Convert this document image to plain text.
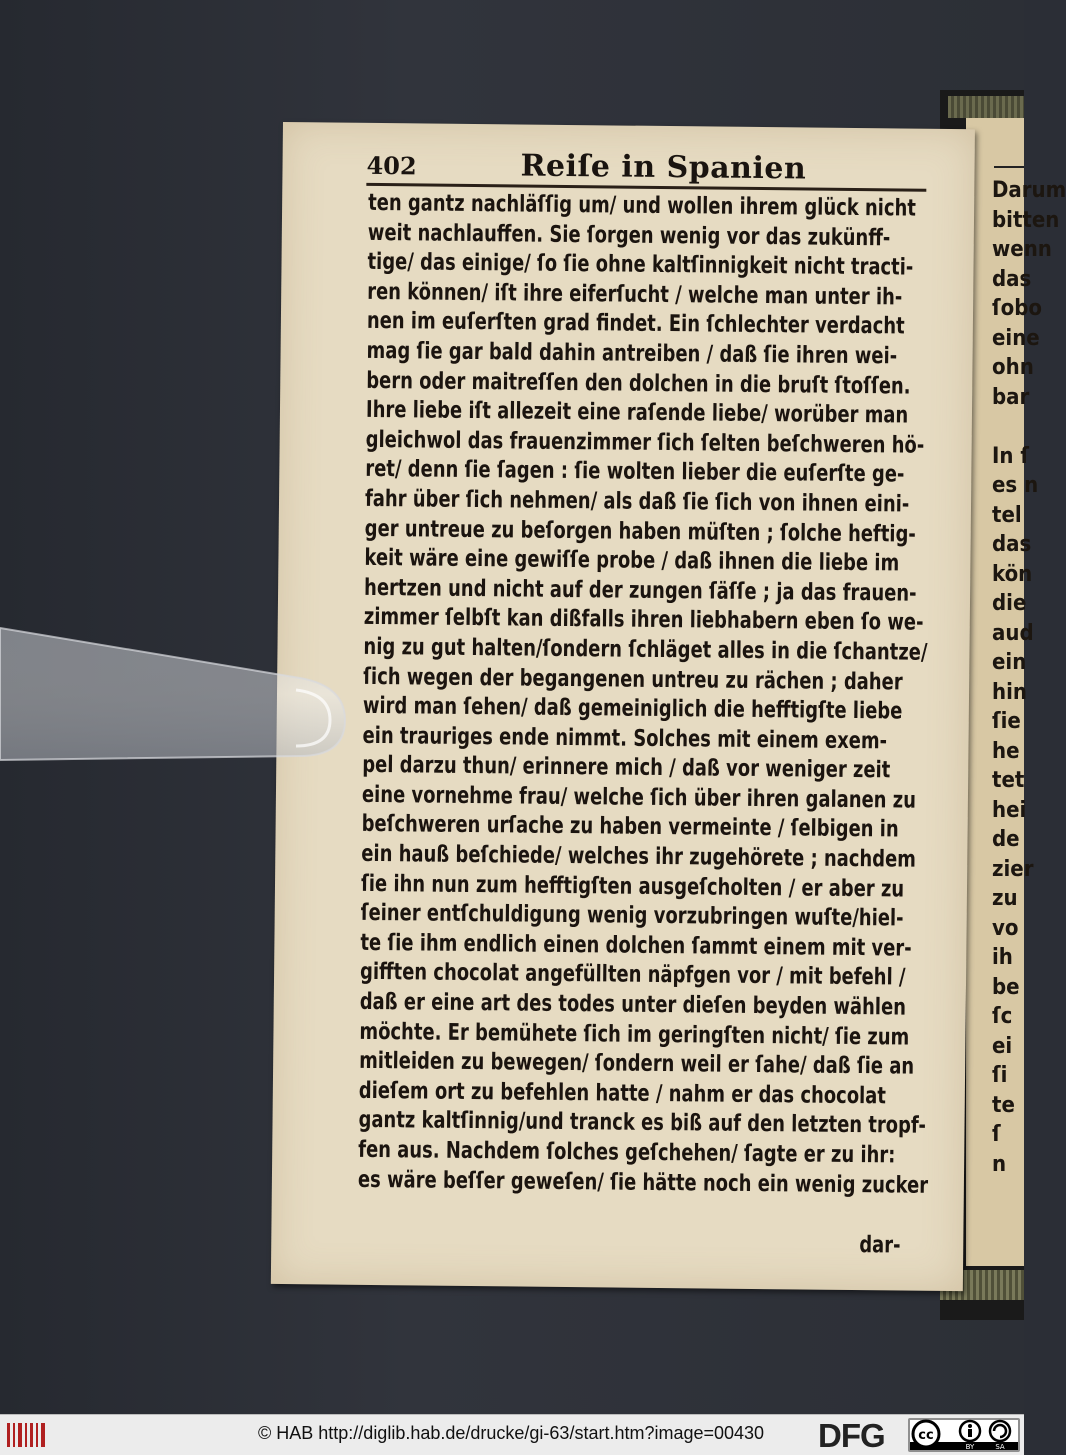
Darum
bitten
wenn
das
ſobo
eine
ohn
bar

In ſ
es n
tel
das
kön
die
aud
ein
hin
ſie
he
tet
hei
de
zier
zu
vo
ih
be
ſc
ei
ſi
te
ſ
n
402	Reiſe in Spanien
ten gantz nachläſſig um/ und wollen ihrem glück nicht
weit nachlauffen. Sie ſorgen wenig vor das zukünff-
tige/ das einige/ ſo ſie ohne kaltſinnigkeit nicht tracti-
ren können/ iſt ihre eiferſucht / welche man unter ih-
nen im euſerſten grad findet. Ein ſchlechter verdacht
mag ſie gar bald dahin antreiben / daß ſie ihren wei-
bern oder maitreſſen den dolchen in die bruſt ſtoſſen.
Ihre liebe iſt allezeit eine raſende liebe/ worüber man
gleichwol das frauenzimmer ſich ſelten beſchweren hö-
ret/ denn ſie ſagen : ſie wolten lieber die euſerſte ge-
fahr über ſich nehmen/ als daß ſie ſich von ihnen eini-
ger untreue zu beſorgen haben müſten ; ſolche heftig-
keit wäre eine gewiſſe probe / daß ihnen die liebe im
hertzen und nicht auf der zungen ſäſſe ; ja das frauen-
zimmer ſelbſt kan dißfalls ihren liebhabern eben ſo we-
nig zu gut halten/ſondern ſchläget alles in die ſchantze/
ſich wegen der begangenen untreu zu rächen ; daher
wird man ſehen/ daß gemeiniglich die hefftigſte liebe
ein trauriges ende nimmt. Solches mit einem exem-
pel darzu thun/ erinnere mich / daß vor weniger zeit
eine vornehme frau/ welche ſich über ihren galanen zu
beſchweren urſache zu haben vermeinte / ſelbigen in
ein hauß beſchiede/ welches ihr zugehörete ; nachdem
ſie ihn nun zum hefftigſten ausgeſcholten / er aber zu
ſeiner entſchuldigung wenig vorzubringen wuſte/hiel-
te ſie ihm endlich einen dolchen ſammt einem mit ver-
gifften chocolat angefüllten näpfgen vor / mit befehl /
daß er eine art des todes unter dieſen beyden wählen
möchte. Er bemühete ſich im geringſten nicht/ ſie zum
mitleiden zu bewegen/ ſondern weil er ſahe/ daß ſie an
dieſem ort zu befehlen hatte / nahm er das chocolat
gantz kaltſinnig/und tranck es biß auf den letzten tropf-
fen aus. Nachdem ſolches geſchehen/ ſagte er zu ihr:
es wäre beſſer geweſen/ ſie hätte noch ein wenig zucker
dar-
© HAB http://diglib.hab.de/drucke/gi-63/start.htm?image=00430 DFG	cc
BY	SA
